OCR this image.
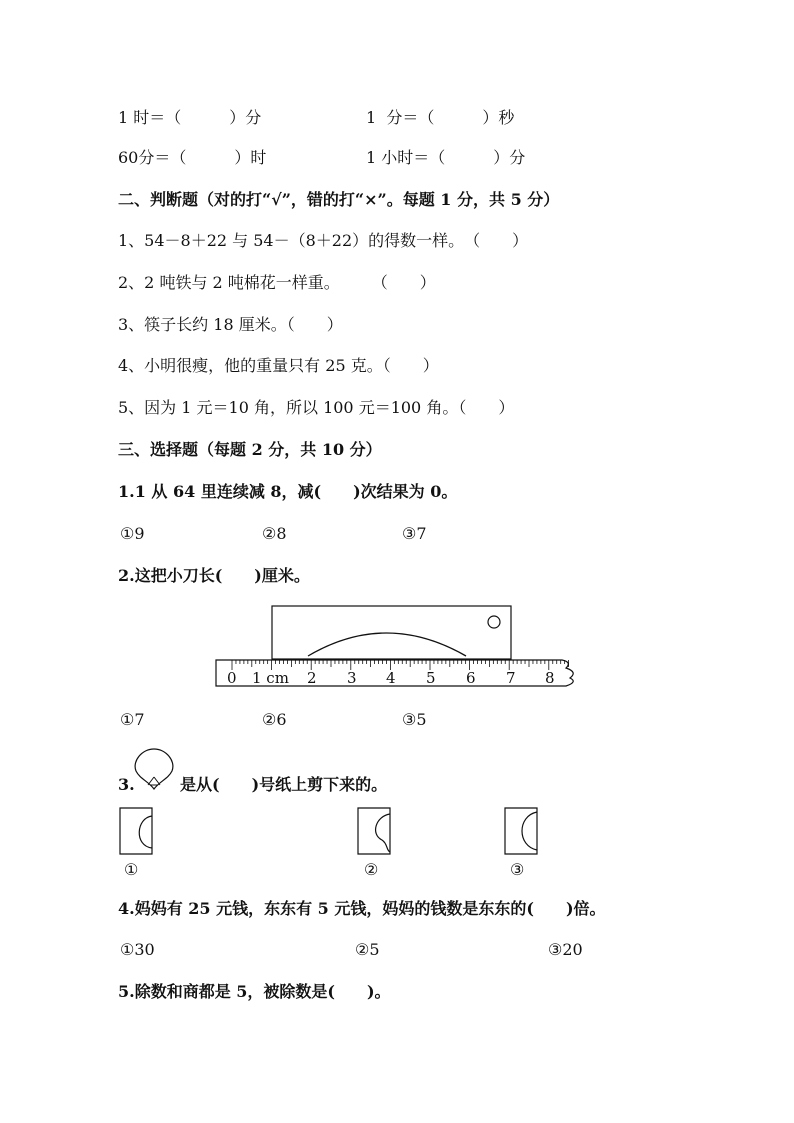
1 时＝（　　　）分	1  分＝（　　　）秒
60分＝（　　　）时	1 小时＝（　　　）分
二、判断题（对的打“√”，错的打“×”。每题 1 分，共 5 分）
1、54－8＋22 与 54－（8＋22）的得数一样。　（　　）
2、2 吨铁与 2 吨棉花一样重。　　　（　　）
3、筷子长约 18 厘米。（　　）
4、小明很瘦，他的重量只有 25 克。（　　）
5、因为 1 元＝10 角，所以 100 元＝100 角。（　　）
三、选择题（每题 2 分，共 10 分）
1.1 从 64 里连续减 8，减(　　)次结果为 0。
①9	②8	③7
2.这把小刀长(　　)厘米。
0 1 cm 2 3 4 5 6 7 8
①7	②6	③5
3.	是从(　　)号纸上剪下来的。
①	②	③
4.妈妈有 25 元钱，东东有 5 元钱，妈妈的钱数是东东的(　　)倍。
①30	②5	③20
5.除数和商都是 5，被除数是(　　)。
